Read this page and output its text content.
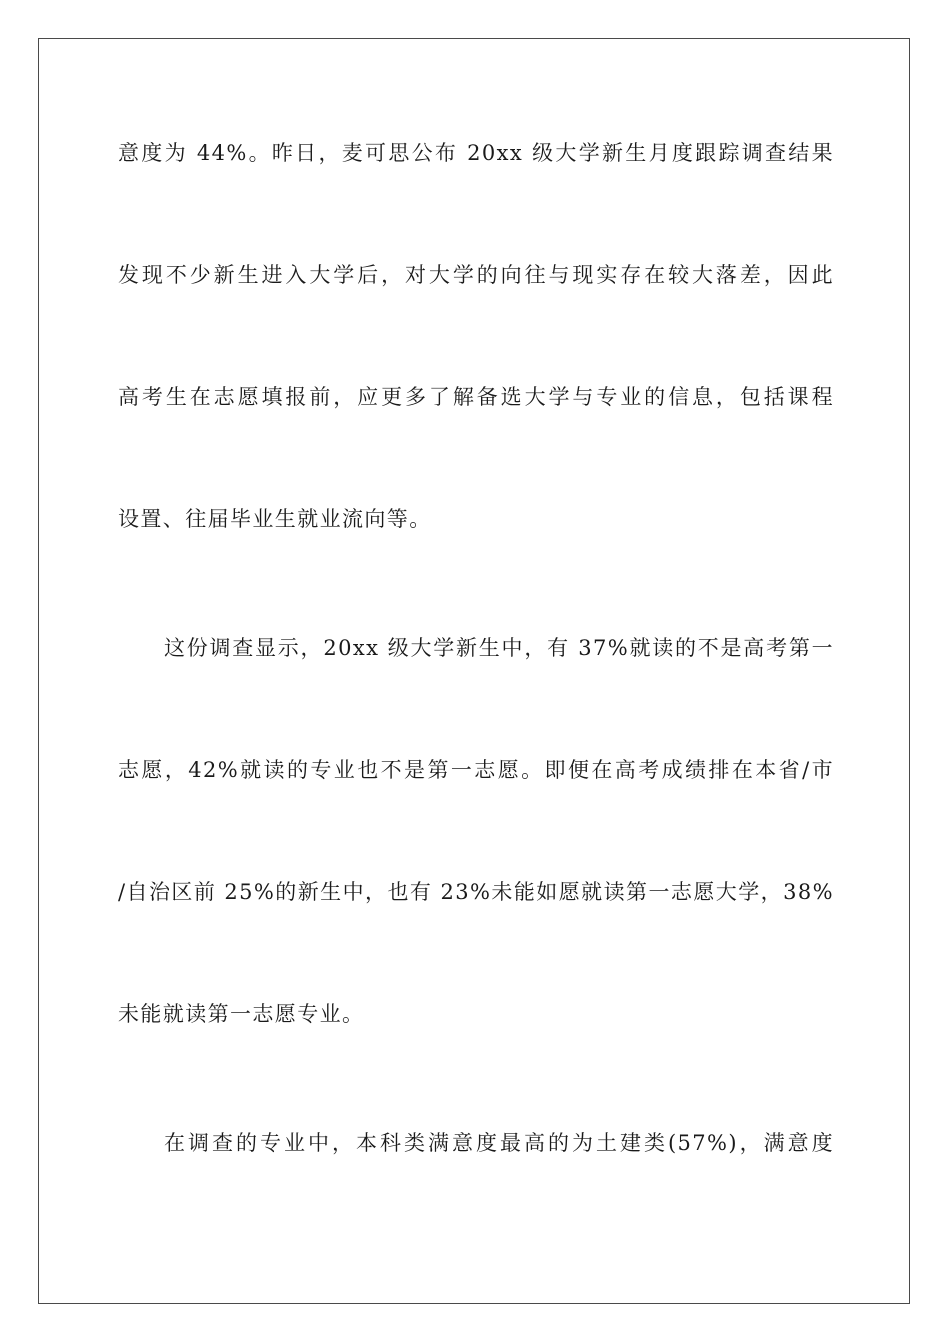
意度为 44%。昨日，麦可思公布 20xx 级大学新生月度跟踪调查结果
发现不少新生进入大学后，对大学的向往与现实存在较大落差，因此
高考生在志愿填报前，应更多了解备选大学与专业的信息，包括课程
设置、往届毕业生就业流向等。
这份调查显示，20xx 级大学新生中，有 37%就读的不是高考第一
志愿，42%就读的专业也不是第一志愿。即便在高考成绩排在本省/市
/自治区前 25%的新生中，也有 23%未能如愿就读第一志愿大学，38%
未能就读第一志愿专业。
在调查的专业中，本科类满意度最高的为土建类(57%)，满意度
